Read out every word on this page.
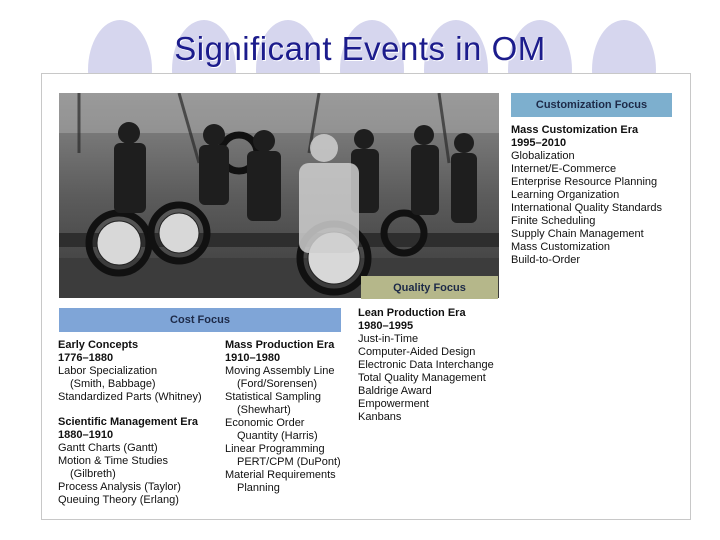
Significant Events in OM
Customization Focus
Quality Focus
Cost Focus
Mass Customization Era
1995–2010
Globalization
Internet/E-Commerce
Enterprise Resource Planning
Learning Organization
International Quality Standards
Finite Scheduling
Supply Chain Management
Mass Customization
Build-to-Order
Lean Production Era
1980–1995
Just-in-Time
Computer-Aided Design
Electronic Data Interchange
Total Quality Management
Baldrige Award
Empowerment
Kanbans
Early Concepts
1776–1880
Labor Specialization
(Smith, Babbage)
Standardized Parts (Whitney)
Scientific Management Era
1880–1910
Gantt Charts (Gantt)
Motion & Time Studies
(Gilbreth)
Process Analysis (Taylor)
Queuing Theory (Erlang)
Mass Production Era
1910–1980
Moving Assembly Line
(Ford/Sorensen)
Statistical Sampling
(Shewhart)
Economic Order
Quantity (Harris)
Linear Programming
PERT/CPM (DuPont)
Material Requirements
Planning
